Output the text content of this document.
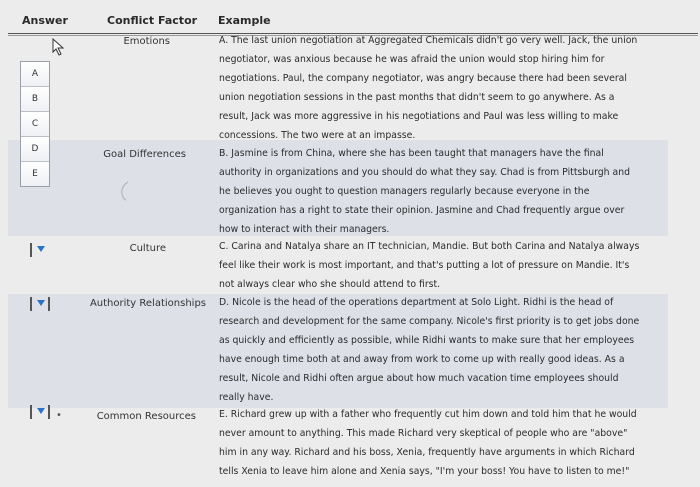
Answer	Conflict Factor Example
A
B
C
D
E
•
Emotions
Goal Differences
Culture
Authority Relationships
Common Resources
A. The last union negotiation at Aggregated Chemicals didn't go very well. Jack, the union
negotiator, was anxious because he was afraid the union would stop hiring him for
negotiations. Paul, the company negotiator, was angry because there had been several
union negotiation sessions in the past months that didn't seem to go anywhere. As a
result, Jack was more aggressive in his negotiations and Paul was less willing to make
concessions. The two were at an impasse.
B. Jasmine is from China, where she has been taught that managers have the final
authority in organizations and you should do what they say. Chad is from Pittsburgh and
he believes you ought to question managers regularly because everyone in the
organization has a right to state their opinion. Jasmine and Chad frequently argue over
how to interact with their managers.
C. Carina and Natalya share an IT technician, Mandie. But both Carina and Natalya always
feel like their work is most important, and that's putting a lot of pressure on Mandie. It's
not always clear who she should attend to first.
D. Nicole is the head of the operations department at Solo Light. Ridhi is the head of
research and development for the same company. Nicole's first priority is to get jobs done
as quickly and efficiently as possible, while Ridhi wants to make sure that her employees
have enough time both at and away from work to come up with really good ideas. As a
result, Nicole and Ridhi often argue about how much vacation time employees should
really have.
E. Richard grew up with a father who frequently cut him down and told him that he would
never amount to anything. This made Richard very skeptical of people who are "above"
him in any way. Richard and his boss, Xenia, frequently have arguments in which Richard
tells Xenia to leave him alone and Xenia says, "I'm your boss! You have to listen to me!"
